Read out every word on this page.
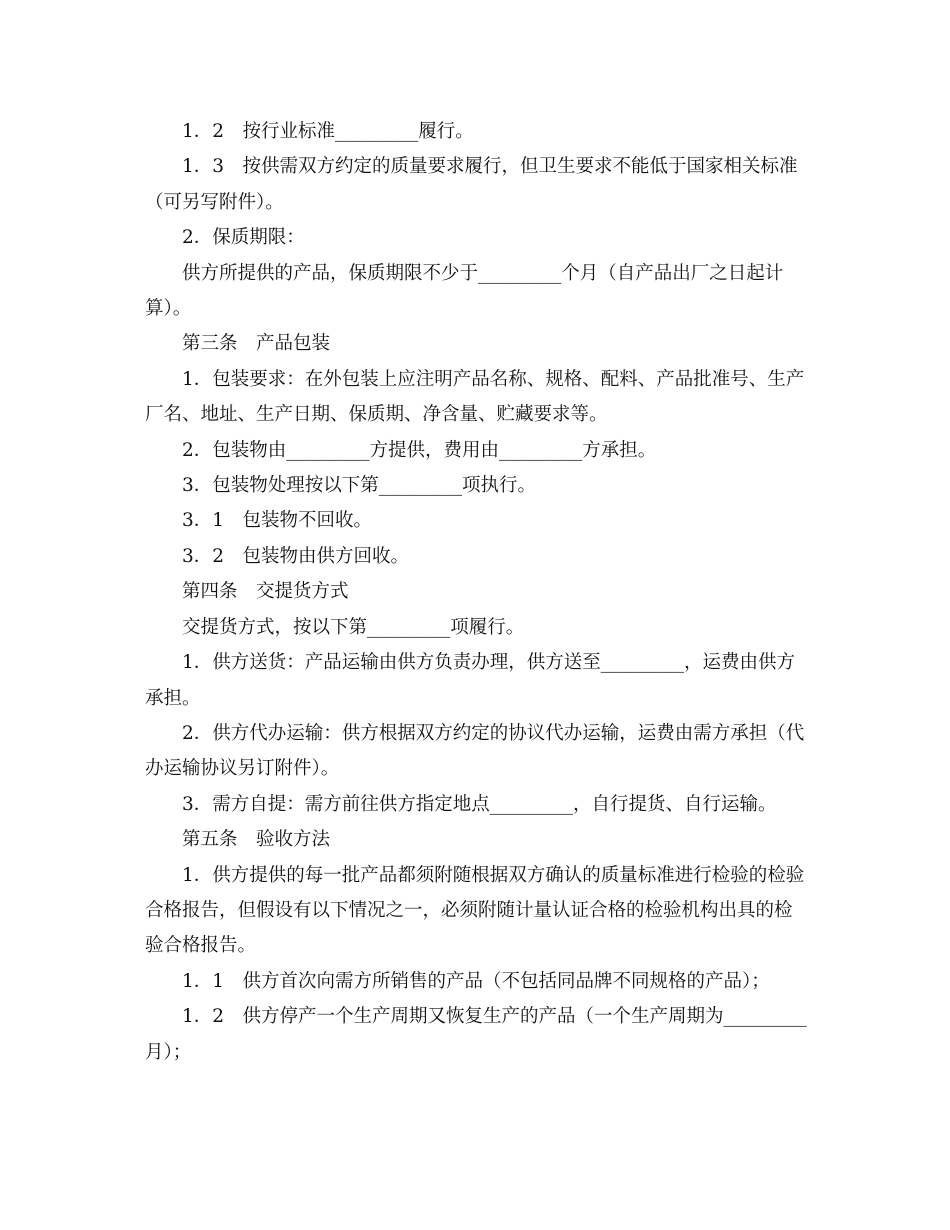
1．2　按行业标准_________履行。

1．3　按供需双方约定的质量要求履行，但卫生要求不能低于国家相关标准（可另写附件）。

2．保质期限：

供方所提供的产品，保质期限不少于_________个月（自产品出厂之日起计算）。

第三条　产品包装

1．包装要求：在外包装上应注明产品名称、规格、配料、产品批准号、生产厂名、地址、生产日期、保质期、净含量、贮藏要求等。

2．包装物由_________方提供，费用由_________方承担。

3．包装物处理按以下第_________项执行。

3．1　包装物不回收。

3．2　包装物由供方回收。

第四条　交提货方式

交提货方式，按以下第_________项履行。

1．供方送货：产品运输由供方负责办理，供方送至_________，运费由供方承担。

2．供方代办运输：供方根据双方约定的协议代办运输，运费由需方承担（代办运输协议另订附件）。

3．需方自提：需方前往供方指定地点_________，自行提货、自行运输。

第五条　验收方法

1．供方提供的每一批产品都须附随根据双方确认的质量标准进行检验的检验合格报告，但假设有以下情况之一，必须附随计量认证合格的检验机构出具的检验合格报告。

1．1　供方首次向需方所销售的产品（不包括同品牌不同规格的产品）；

1．2　供方停产一个生产周期又恢复生产的产品（一个生产周期为_________月）；
